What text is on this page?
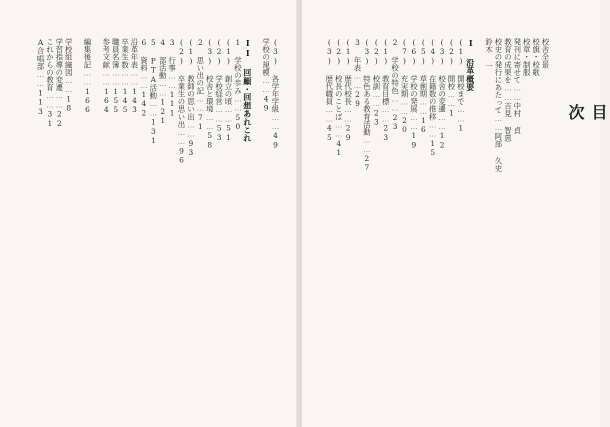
(3) 各学年学級……49
学校の規模……49
II 回顧・回想あれこれ
1 学校の歩み……50
(1) 創立の頃……51
(2) 学校経営……53
(3) 校舎と環境……58
2 思い出の記……71
(1) 教師の思い出……93
(2) 卒業生の思い出……96
3 行事……111
4 部活動……121
5 PTA活動……131
6 資料……142
沿革年表……143
卒業生数……145
職員名簿……155
参考文献……164
編集後記……166
学校組織図……18
学習指導の変遷……22
これからの教育……31
A合唱部……113
目 次
校舎全景
校旗・校歌
校章・制服
発刊に寄せて……中村 貞
教育の成果を……吉見 智恵
校史の発行にあたって……阿部 久史
鈴木 一
I 沿革概要
(1) 開校まで……1
(2) 開校……1
(3) 校舎の変遷……12
(4) 在籍数の推移……15
(5) 草創期……16
(6) 学校の発展……19
(7) 充実期……20
2 学校の特色……23
(1) 教育目標……23
(2) 校訓……23
(3) 特色ある教育活動……27
3 年表……29
(1) 歴代校長……29
(2) 校長のことば……41
(3) 歴代職員……45
